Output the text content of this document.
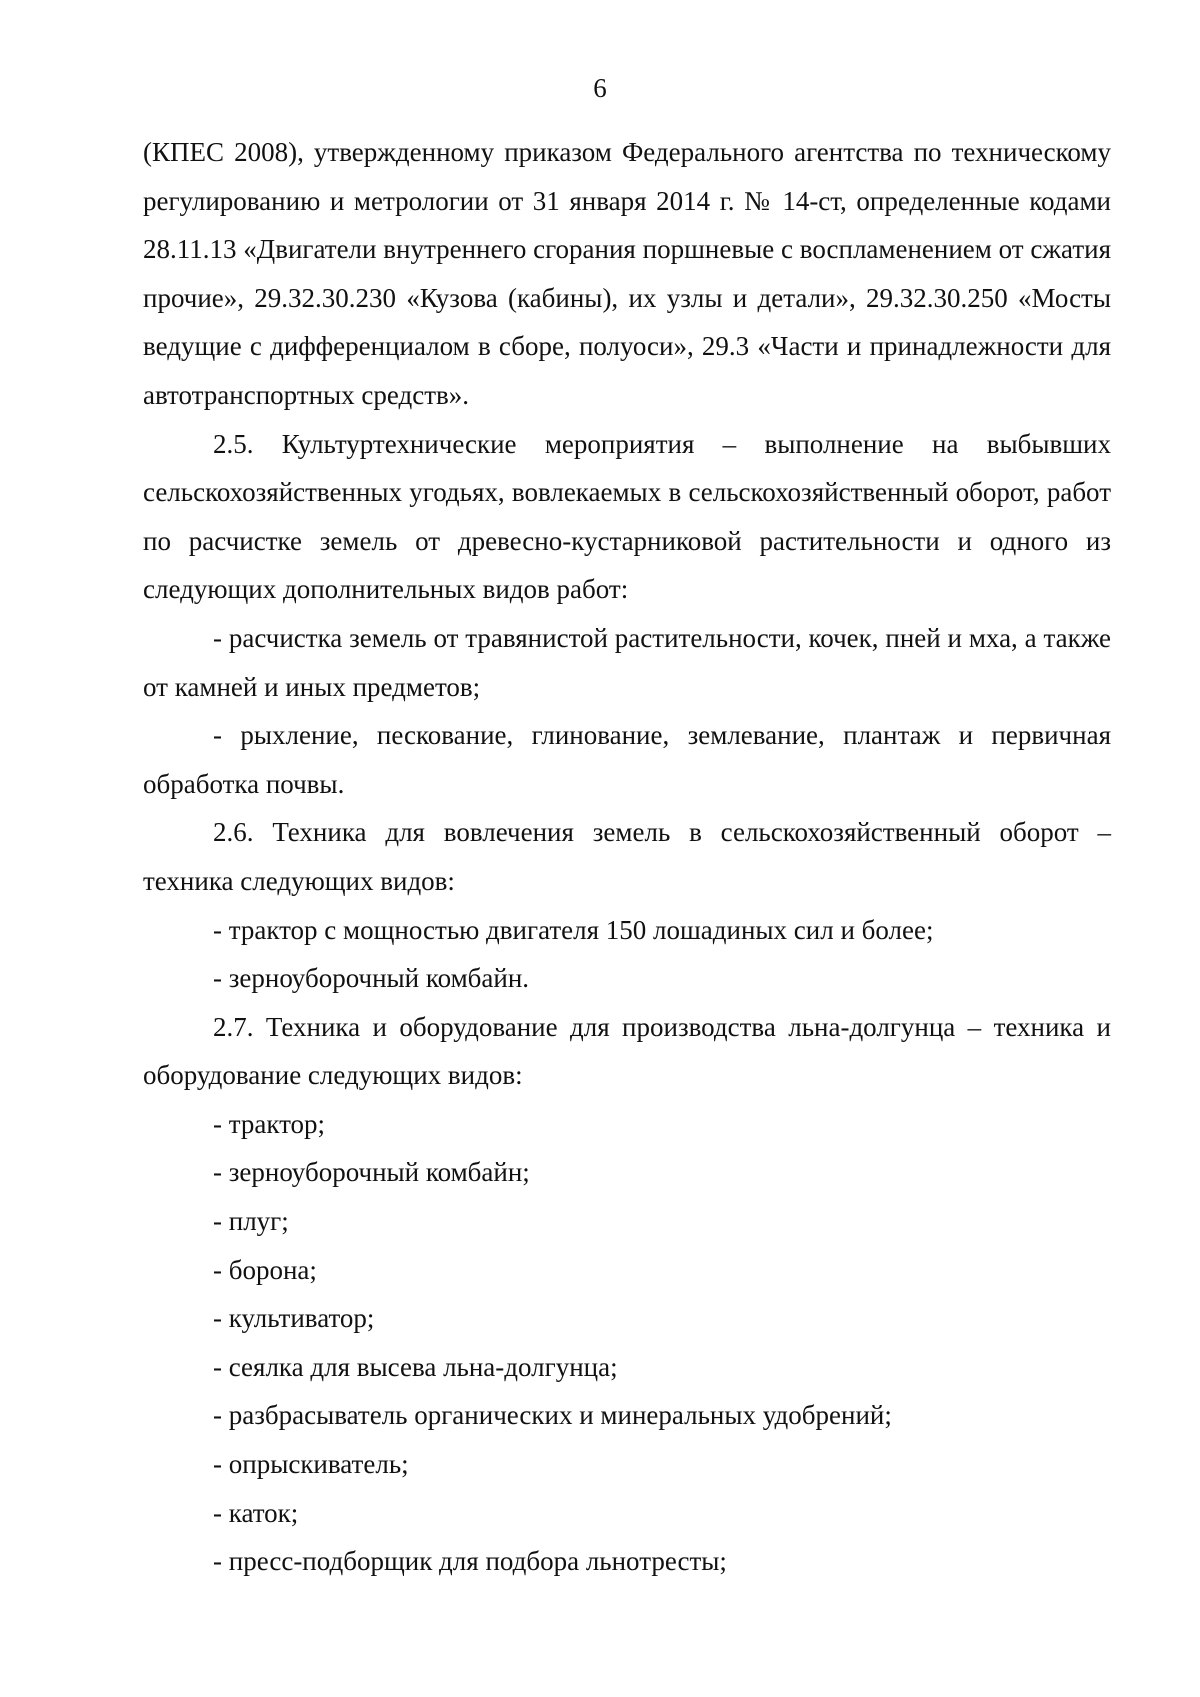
6

(КПЕС 2008), утвержденному приказом Федерального агентства по техническому регулированию и метрологии от 31 января 2014 г. № 14-ст, определенные кодами 28.11.13 «Двигатели внутреннего сгорания поршневые с воспламенением от сжатия прочие», 29.32.30.230 «Кузова (кабины), их узлы и детали», 29.32.30.250 «Мосты ведущие с дифференциалом в сборе, полуоси», 29.3 «Части и принадлежности для автотранспортных средств».

2.5. Культуртехнические мероприятия – выполнение на выбывших сельскохозяйственных угодьях, вовлекаемых в сельскохозяйственный оборот, работ по расчистке земель от древесно-кустарниковой растительности и одного из следующих дополнительных видов работ:

- расчистка земель от травянистой растительности, кочек, пней и мха, а также от камней и иных предметов;

- рыхление, пескование, глинование, землевание, плантаж и первичная обработка почвы.

2.6. Техника для вовлечения земель в сельскохозяйственный оборот – техника следующих видов:

- трактор с мощностью двигателя 150 лошадиных сил и более;

- зерноуборочный комбайн.

2.7. Техника и оборудование для производства льна-долгунца – техника и оборудование следующих видов:

- трактор;

- зерноуборочный комбайн;

- плуг;

- борона;

- культиватор;

- сеялка для высева льна-долгунца;

- разбрасыватель органических и минеральных удобрений;

- опрыскиватель;

- каток;

- пресс-подборщик для подбора льнотресты;
